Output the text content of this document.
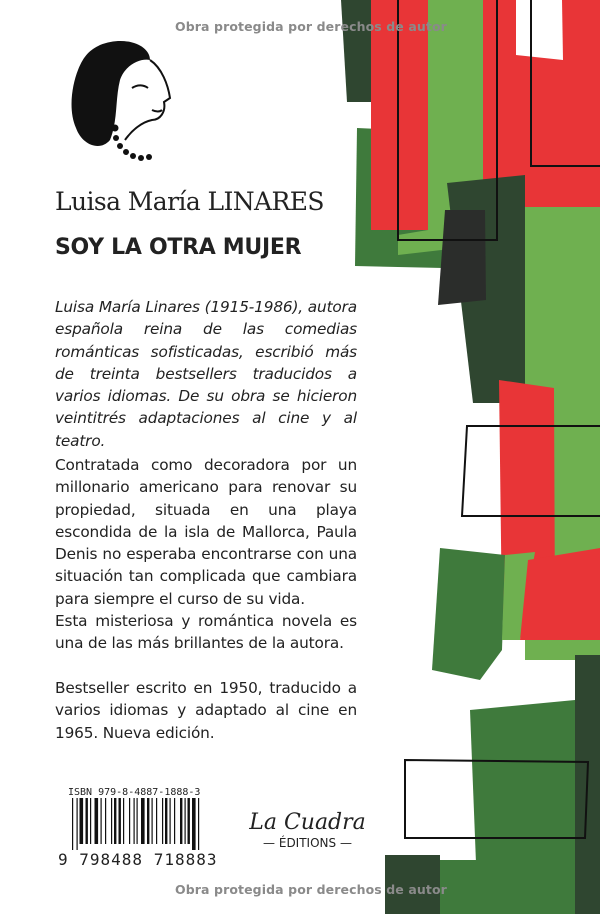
Obra protegida por derechos de autor
Luisa María LINARES
SOY LA OTRA MUJER
Luisa María Linares (1915-1986), autora española reina de las comedias románticas sofisticadas, escribió más de treinta bestsellers traducidos a varios idiomas. De su obra se hicieron veintitrés adaptaciones al cine y al teatro.
Contratada como decoradora por un millonario americano para renovar su propiedad, situada en una playa escondida de la isla de Mallorca, Paula Denis no esperaba encontrarse con una situación tan complicada que cambiara para siempre el curso de su vida.
Esta misteriosa y romántica novela es una de las más brillantes de la autora.
Bestseller escrito en 1950, traducido a varios idiomas y adaptado al cine en 1965. Nueva edición.
ISBN 979-8-4887-1888-3
9 798488 718883
La Cuadra
— ÉDITIONS —
Obra protegida por derechos de autor
